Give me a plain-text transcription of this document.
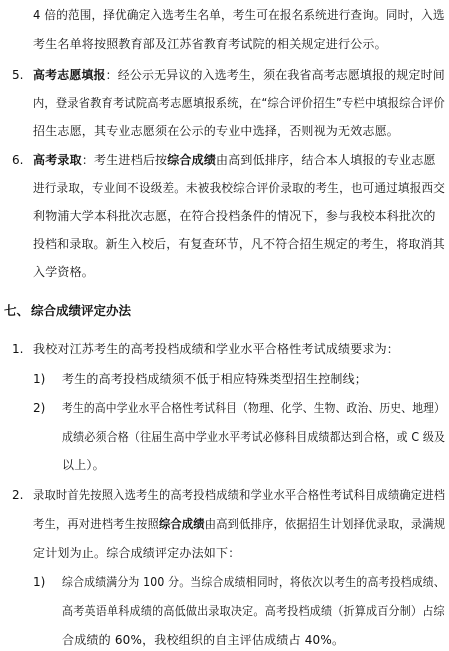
4 倍的范围，择优确定入选考生名单，考生可在报名系统进行查询。同时，入选
考生名单将按照教育部及江苏省教育考试院的相关规定进行公示。
5. 高考志愿填报：经公示无异议的入选考生，须在我省高考志愿填报的规定时间
内，登录省教育考试院高考志愿填报系统，在“综合评价招生”专栏中填报综合评价
招生志愿，其专业志愿须在公示的专业中选择，否则视为无效志愿。
6. 高考录取：考生进档后按综合成绩由高到低排序，结合本人填报的专业志愿
进行录取，专业间不设级差。未被我校综合评价录取的考生，也可通过填报西交
利物浦大学本科批次志愿，在符合投档条件的情况下，参与我校本科批次的
投档和录取。新生入校后，有复查环节，凡不符合招生规定的考生，将取消其
入学资格。
七、 综合成绩评定办法
1. 我校对江苏考生的高考投档成绩和学业水平合格性考试成绩要求为：
1) 考生的高考投档成绩须不低于相应特殊类型招生控制线；
2) 考生的高中学业水平合格性考试科目（物理、化学、生物、政治、历史、地理）
成绩必须合格（往届生高中学业水平考试必修科目成绩都达到合格，或 C 级及
以上）。
2. 录取时首先按照入选考生的高考投档成绩和学业水平合格性考试科目成绩确定进档
考生，再对进档考生按照综合成绩由高到低排序，依据招生计划择优录取，录满规
定计划为止。综合成绩评定办法如下：
1) 综合成绩满分为 100 分。当综合成绩相同时，将依次以考生的高考投档成绩、
高考英语单科成绩的高低做出录取决定。高考投档成绩（折算成百分制）占综
合成绩的 60%，我校组织的自主评估成绩占 40%。
